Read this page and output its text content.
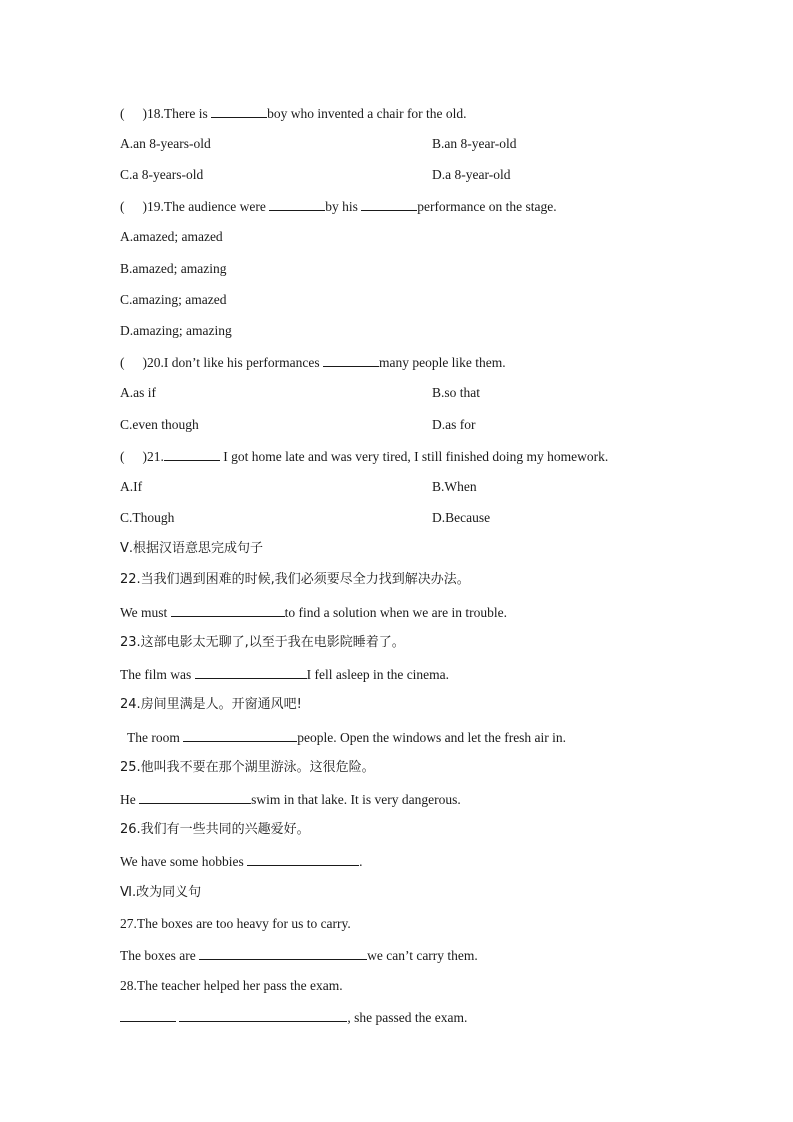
( )18.There is	boy who invented a chair for the old.
A.an 8-years-old	B.an 8-year-old
C.a 8-years-old	D.a 8-year-old
( )19.The audience were	by his	performance on the stage.
A.amazed; amazed
B.amazed; amazing
C.amazing; amazed
D.amazing; amazing
( )20.I don’t like his performances	many people like them.
A.as if	B.so that
C.even though	D.as for
( )21.	I got home late and was very tired, I still finished doing my homework.
A.If	B.When
C.Though	D.Because
Ⅴ.根据汉语意思完成句子
22.当我们遇到困难的时候,我们必须要尽全力找到解决办法。
We must	to find a solution when we are in trouble.
23.这部电影太无聊了,以至于我在电影院睡着了。
The film was	I fell asleep in the cinema.
24.房间里满是人。开窗通风吧!
The room	people. Open the windows and let the fresh air in.
25.他叫我不要在那个湖里游泳。这很危险。
He	swim in that lake. It is very dangerous.
26.我们有一些共同的兴趣爱好。
We have some hobbies	.
Ⅵ.改为同义句
27.The boxes are too heavy for us to carry.
The boxes are	we can’t carry them.
28.The teacher helped her pass the exam.
, she passed the exam.
